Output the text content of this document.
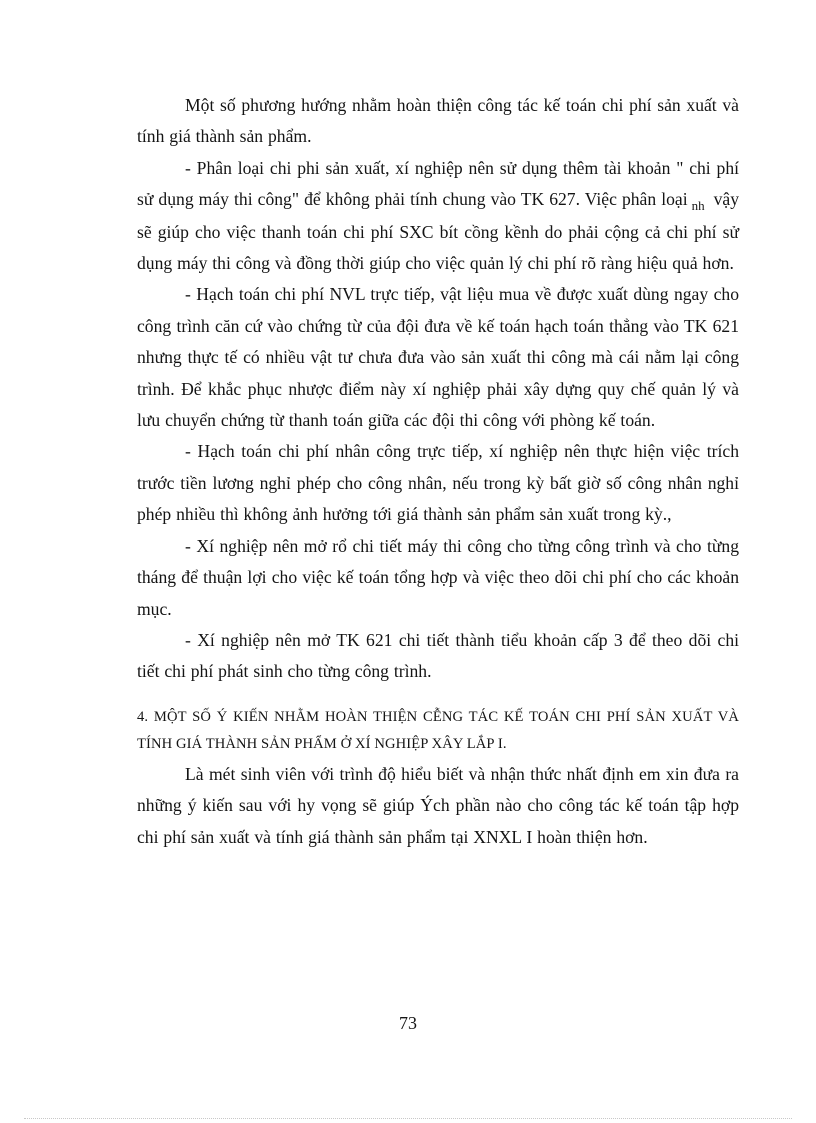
Một số phương hướng nhằm hoàn thiện công tác kế toán chi phí sản xuất và tính giá thành sản phẩm.

- Phân loại chi phi sản xuất, xí nghiệp nên sử dụng thêm tài khoản " chi phí sử dụng máy thi công" để không phải tính chung vào TK 627. Việc phân loại $_{nh}$ vậy sẽ giúp cho việc thanh toán chi phí SXC bít cồng kềnh do phải cộng cả chi phí sử dụng máy thi công và đồng thời giúp cho việc quản lý chi phí rõ ràng hiệu quả hơn.

- Hạch toán chi phí NVL trực tiếp, vật liệu mua về được xuất dùng ngay cho công trình căn cứ vào chứng từ của đội đưa về kế toán hạch toán thẳng vào TK 621 nhưng thực tế có nhiều vật tư chưa đưa vào sản xuất thi công mà cái nằm lại công trình. Để khắc phục nhược điểm này xí nghiệp phải xây dựng quy chế quản lý và lưu chuyển chứng từ thanh toán giữa các đội thi công với phòng kế toán.

- Hạch toán chi phí nhân công trực tiếp, xí nghiệp nên thực hiện việc trích trước tiền lương nghỉ phép cho công nhân, nếu trong kỳ bất giờ số công nhân nghỉ phép nhiều thì không ảnh hưởng tới giá thành sản phẩm sản xuất trong kỳ.,

- Xí nghiệp nên mở rổ chi tiết máy thi công cho từng công trình và cho từng tháng để thuận lợi cho việc kế toán tổng hợp và việc theo dõi chi phí cho các khoản mục.

- Xí nghiệp nên mở TK 621 chi tiết thành tiểu khoản cấp 3 để theo dõi chi tiết chi phí phát sinh cho từng công trình.

4. MỘT SỐ Ý KIẾN NHẰM HOÀN THIỆN CỄNG TÁC KẾ TOÁN CHI PHÍ SẢN XUẤT VÀ TÍNH GIÁ THÀNH SẢN PHẨM Ở XÍ NGHIỆP XÂY LẮP I.

Là mét sinh viên với trình độ hiểu biết và nhận thức nhất định em xin đưa ra những ý kiến sau với hy vọng sẽ giúp Ých phần nào cho công tác kế toán tập hợp chi phí sản xuất và tính giá thành sản phẩm tại XNXL I hoàn thiện hơn.

73
